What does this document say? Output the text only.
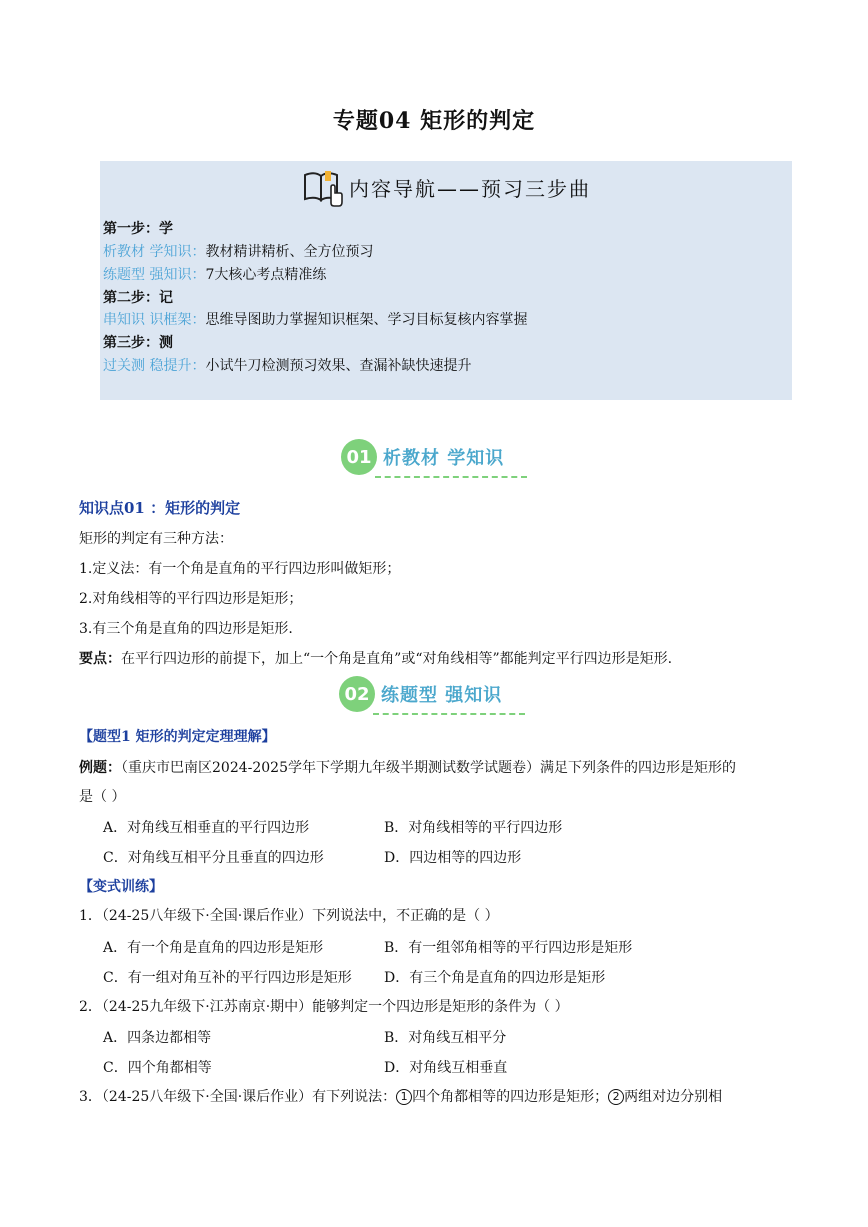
专题04 矩形的判定
内容导航——预习三步曲
第一步：学
析教材 学知识：教材精讲精析、全方位预习
练题型 强知识：7大核心考点精准练
第二步：记
串知识 识框架：思维导图助力掌握知识框架、学习目标复核内容掌握
第三步：测
过关测 稳提升：小试牛刀检测预习效果、查漏补缺快速提升
01 析教材 学知识
知识点01 ：矩形的判定
矩形的判定有三种方法：
1.定义法：有一个角是直角的平行四边形叫做矩形；
2.对角线相等的平行四边形是矩形；
3.有三个角是直角的四边形是矩形.
要点：在平行四边形的前提下，加上“一个角是直角”或“对角线相等”都能判定平行四边形是矩形.
02 练题型 强知识
【题型1 矩形的判定定理理解】
例题：（重庆市巴南区2024-2025学年下学期九年级半期测试数学试题卷）满足下列条件的四边形是矩形的
是（ ）
A．对角线互相垂直的平行四边形	B．对角线相等的平行四边形
C．对角线互相平分且垂直的四边形	D．四边相等的四边形
【变式训练】
1．（24-25八年级下·全国·课后作业）下列说法中，不正确的是（ ）
A．有一个角是直角的四边形是矩形	B．有一组邻角相等的平行四边形是矩形
C．有一组对角互补的平行四边形是矩形 D．有三个角是直角的四边形是矩形
2．（24-25九年级下·江苏南京·期中）能够判定一个四边形是矩形的条件为（ ）
A．四条边都相等	B．对角线互相平分
C．四个角都相等	D．对角线互相垂直
3．（24-25八年级下·全国·课后作业）有下列说法： 1 四个角都相等的四边形是矩形； 2 两组对边分别相
